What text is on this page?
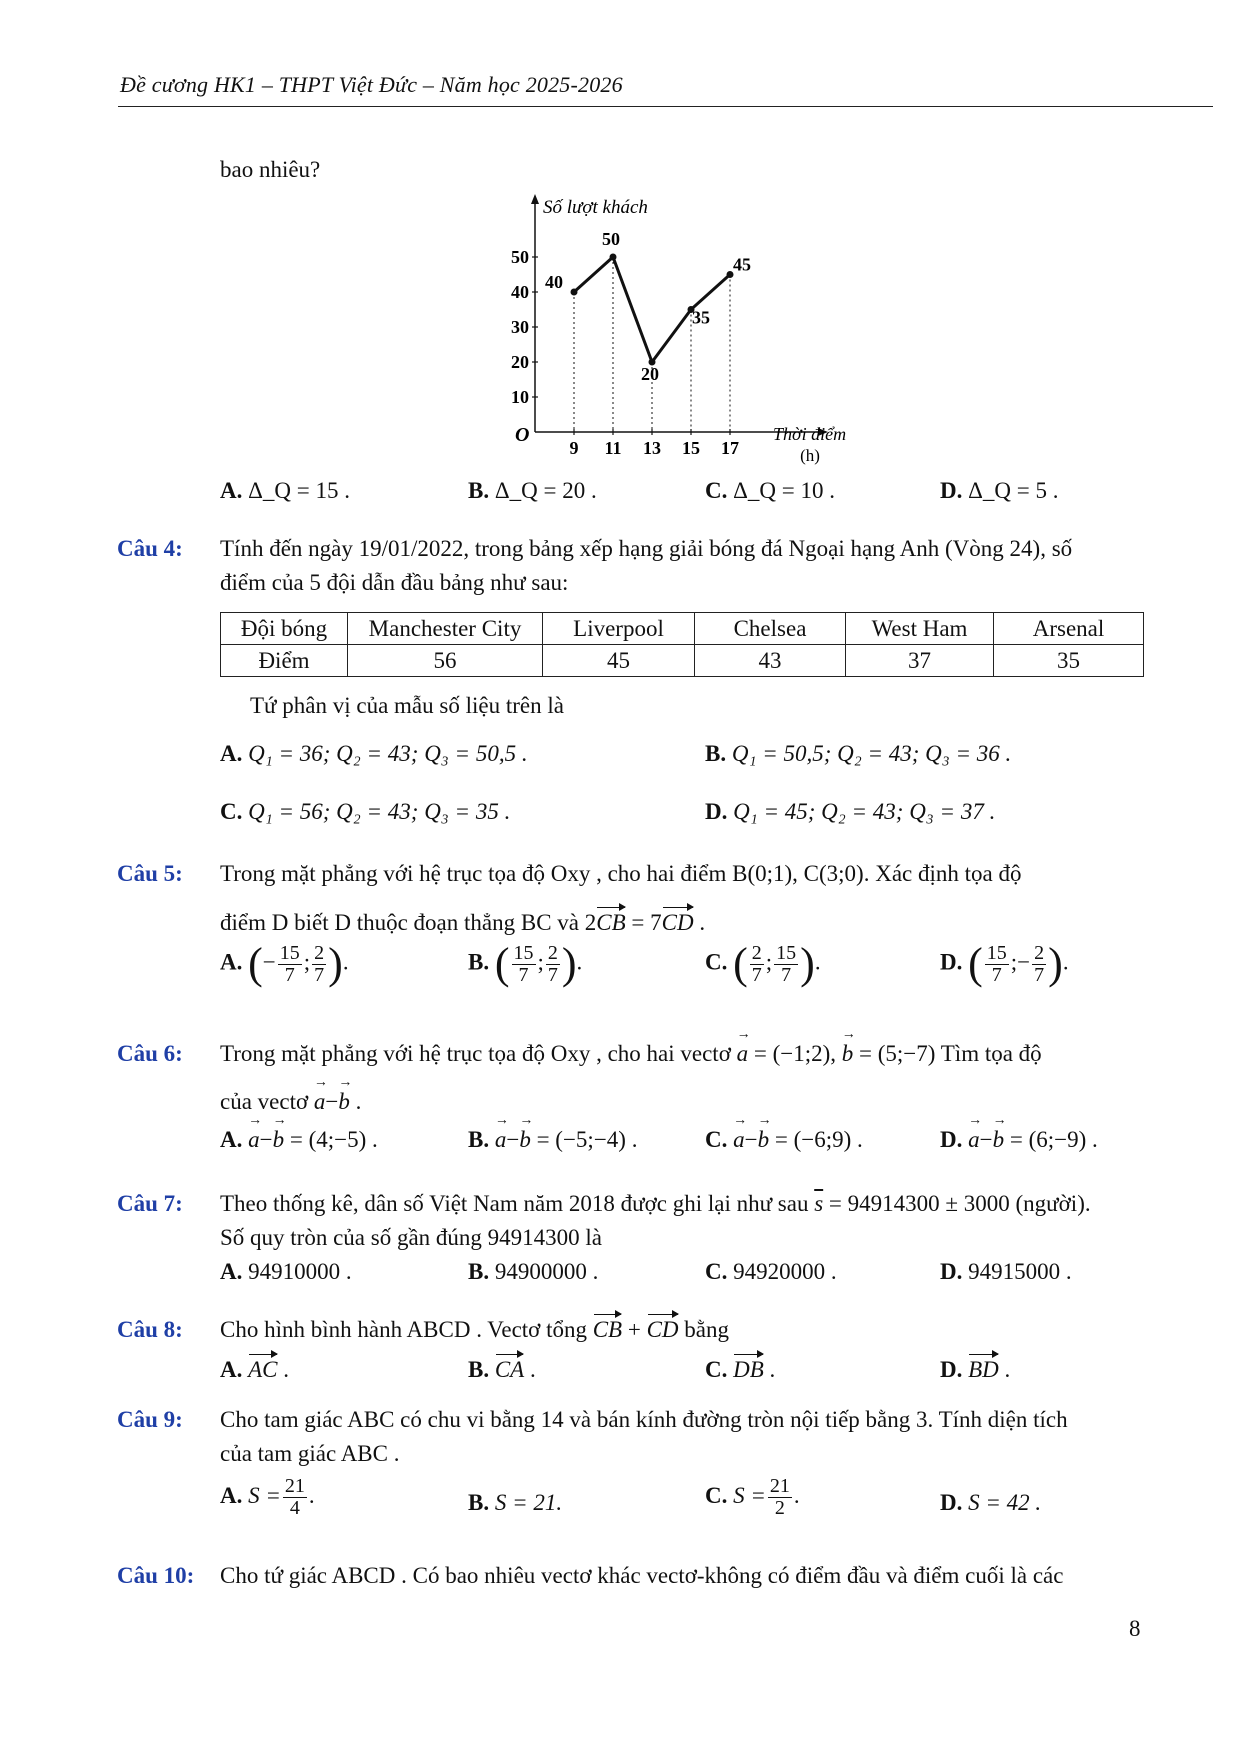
Đề cương HK1 – THPT Việt Đức – Năm học 2025-2026
bao nhiêu?
Số lượt khách
Thời điểm
(h)
O
10
20
30
40
50
9 11 13 15 17
40
50
20
35
45
A. Δ_Q = 15 .	B. Δ_Q = 20 .	C. Δ_Q = 10 .	D. Δ_Q = 5 .
Câu 4: Tính đến ngày 19/01/2022, trong bảng xếp hạng giải bóng đá Ngoại hạng Anh (Vòng 24), số
điểm của 5 đội dẫn đầu bảng như sau:
Đội bóng	Manchester City	Liverpool	Chelsea	West Ham	Arsenal
Điểm	56	45	43	37	35
Tứ phân vị của mẫu số liệu trên là
A. Q₁ = 36; Q₂ = 43; Q₃ = 50,5 .	B. Q₁ = 50,5; Q₂ = 43; Q₃ = 36 .
C. Q₁ = 56; Q₂ = 43; Q₃ = 35 .	D. Q₁ = 45; Q₂ = 43; Q₃ = 37 .
Câu 5: Trong mặt phẳng với hệ trục tọa độ Oxy , cho hai điểm B(0;1), C(3;0). Xác định tọa độ
điểm D biết D thuộc đoạn thẳng BC và 2CB = 7CD .
A. (− $\frac{15}{7}$ ; $\frac{2}{7}$ ).	B. ( $\frac{15}{7}$ ; $\frac{2}{7}$ ).	C. ( $\frac{2}{7}$ ; $\frac{15}{7}$ ).	D. ( $\frac{15}{7}$ ;− $\frac{2}{7}$ ).
Câu 6: Trong mặt phẳng với hệ trục tọa độ Oxy , cho hai vectơ → a = (−1;2), → b = (5;−7) Tìm tọa độ
của vectơ → a−→ b .
A. → a−→ b = (4;−5) .	B. → a−→ b = (−5;−4) .	C. → a−→ b = (−6;9) .	D. → a−→ b = (6;−9) .
Câu 7: Theo thống kê, dân số Việt Nam năm 2018 được ghi lại như sau $\overline{s} = 94914300 \pm 3000$ (người).
Số quy tròn của số gần đúng 94914300 là
A. 94910000 .	B. 94900000 .	C. 94920000 .	D. 94915000 .
Câu 8: Cho hình bình hành ABCD . Vectơ tổng CB + CD bằng
A. AC .	B. CA .	C. DB .	D. BD .
Câu 9: Cho tam giác ABC có chu vi bằng 14 và bán kính đường tròn nội tiếp bằng 3. Tính diện tích
của tam giác ABC .
A. $S = \frac{21}{4}$ .	B. S = 21.	C. $S = \frac{21}{2}$ .	D. S = 42 .
Câu 10: Cho tứ giác ABCD . Có bao nhiêu vectơ khác vectơ-không có điểm đầu và điểm cuối là các
8
